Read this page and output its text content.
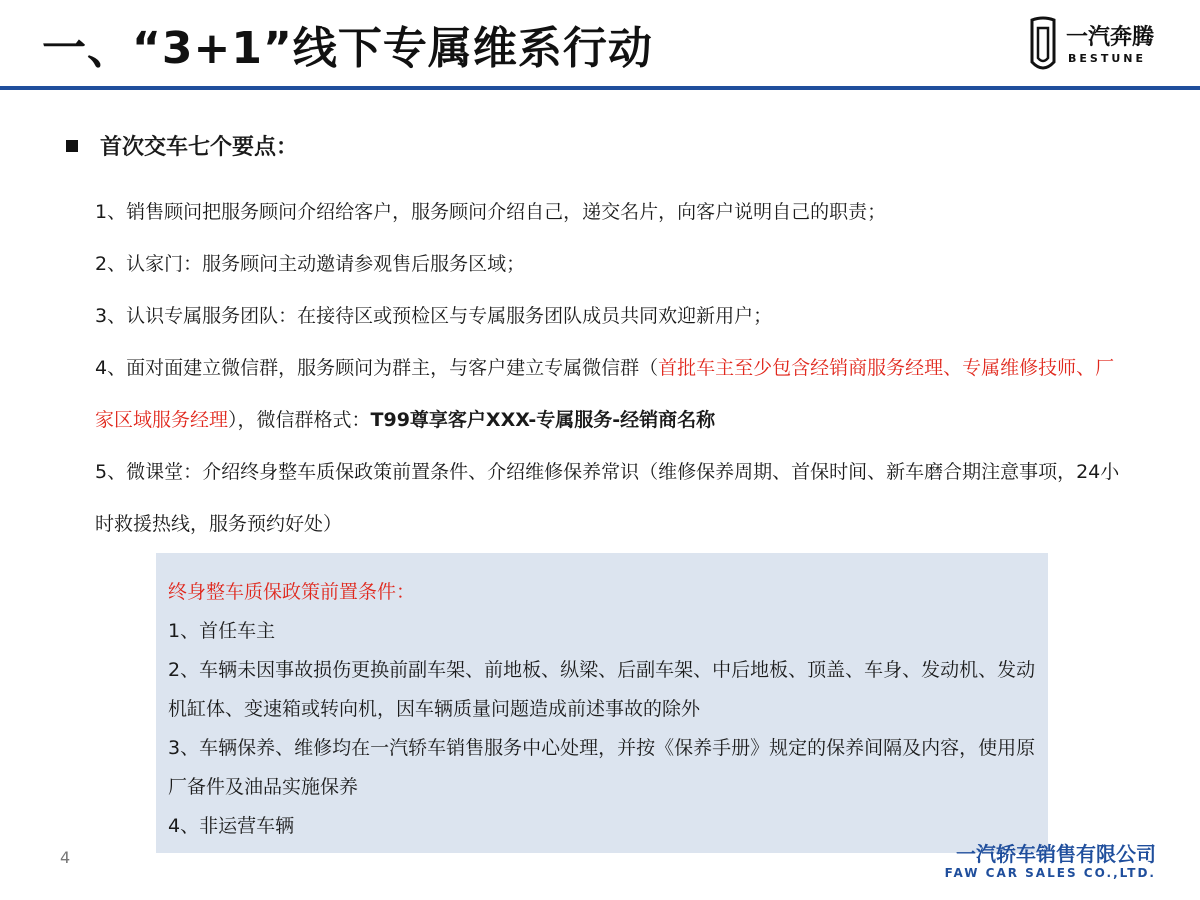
一、“3+1”线下专属维系行动	一汽奔腾
BESTUNE
首次交车七个要点：

1、销售顾问把服务顾问介绍给客户，服务顾问介绍自己，递交名片，向客户说明自己的职责；

2、认家门：服务顾问主动邀请参观售后服务区域；

3、认识专属服务团队：在接待区或预检区与专属服务团队成员共同欢迎新用户；

4、面对面建立微信群，服务顾问为群主，与客户建立专属微信群（首批车主至少包含经销商服务经理、专属维修技师、厂家区域服务经理），微信群格式：T99尊享客户XXX-专属服务-经销商名称

5、微课堂：介绍终身整车质保政策前置条件、介绍维修保养常识（维修保养周期、首保时间、新车磨合期注意事项，24小时救援热线，服务预约好处）

终身整车质保政策前置条件：

1、首任车主

2、车辆未因事故损伤更换前副车架、前地板、纵梁、后副车架、中后地板、顶盖、车身、发动机、发动机缸体、变速箱或转向机，因车辆质量问题造成前述事故的除外

3、车辆保养、维修均在一汽轿车销售服务中心处理，并按《保养手册》规定的保养间隔及内容，使用原厂备件及油品实施保养

4、非运营车辆

4	一汽轿车销售有限公司
FAW CAR SALES CO.,LTD.
